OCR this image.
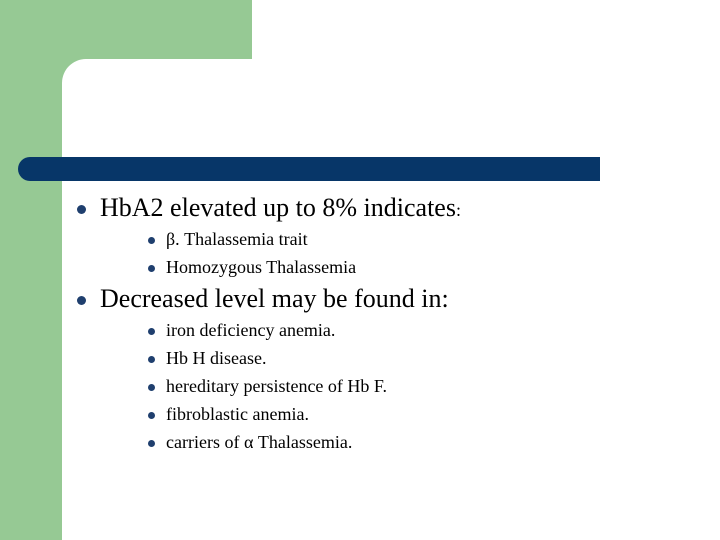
HbA2 elevated up to 8% indicates:
β. Thalassemia trait
Homozygous Thalassemia
Decreased level may be found in:
iron deficiency anemia.
Hb H disease.
hereditary persistence of Hb F.
fibroblastic anemia.
carriers of α Thalassemia.
